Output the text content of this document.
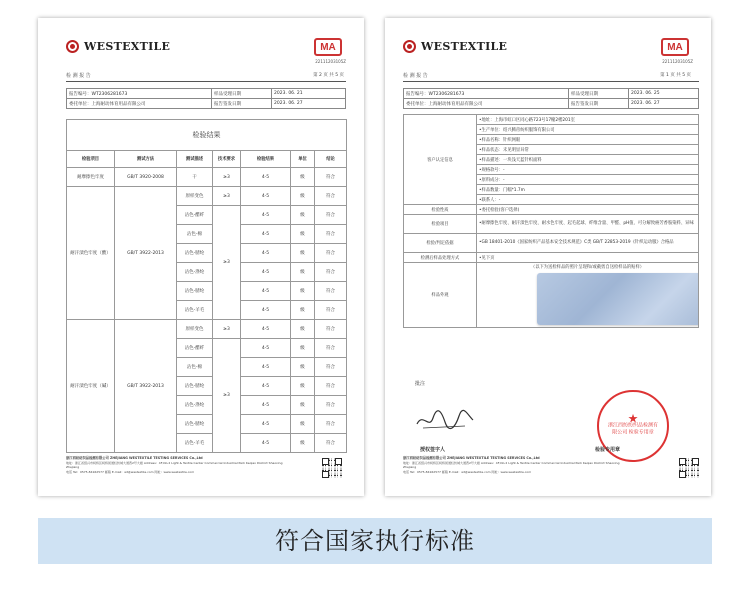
WESTEXTILE	MA
22111203105Z
检 测 报 告	第 2 页 共 5 页
报告编号：WT2306281673	样品受理日期	2023. 06. 21
委托单位：上海耐动体育用品有限公司	报告签发日期	2023. 06. 27
检验结果						
检验项目	测试方法	测试描述	技术要求	检验结果	单位	结论
耐摩擦色牢度	GB/T 3920-2008	干	≥3	4-5	级	符合
耐汗渍色牢度（酸）	GB/T 3922-2013	原样变色	≥3	4-5	级	符合
		沾色-醋纤	≥3	4-5	级	符合
		沾色-棉		4-5	级	符合
		沾色-腈纶		4-5	级	符合
		沾色-涤纶		4-5	级	符合
		沾色-腈纶		4-5	级	符合
		沾色-羊毛		4-5	级	符合
耐汗渍色牢度（碱）	GB/T 3922-2013	原样变色	≥3	4-5	级	符合
		沾色-醋纤	≥3	4-5	级	符合
		沾色-棉		4-5	级	符合
		沾色-腈纶		4-5	级	符合
		沾色-涤纶		4-5	级	符合
		沾色-腈纶		4-5	级	符合
		沾色-羊毛		4-5	级	符合
浙江西纺纺织品检测有限公司 ZHEJIANG WESTEXTILE TESTING SERVICES Co.,Ltd
地址：浙江省绍兴市柯桥区柯桥街道轻纺城大道西2号大楼 Address：4F,No.2 Light & Textile Center Commercial Industrial Park Keqiao District Shaoxing Zhejiang
电话 Tel：0575-84162577 邮箱 E-mail：wt@westextile.com 网址：www.westextile.com
WESTEXTILE	MA
22111203105Z
检 测 报 告	第 1 页 共 5 页
报告编号：WT2306281673	样品受理日期	2023. 06. 25
委托单位：上海耐动体育用品有限公司	报告签发日期	2023. 06. 27
客户认定信息	•地址：上海市虹口区同心路723号17幢2楼201室
	•生产单位：绍兴腾帝纺织服饰有限公司
	•样品名称：针织网眼
	•样品状态：未见明显异常
	•样品描述：一块浅天蓝针织面料
	•规格款号：-
	•原料成分：-
	•样品数量：门幅*1.7m
	•联系人：-
检验性质	•委托检验(客户选择)
检验项目	•耐摩擦色牢度、耐汗渍色牢度、耐水色牢度、起毛起球、纤维含量、甲醛、pH值、可分解致癌芳香胺染料、异味
检验/判定依据	•GB 18401-2010《国家纺织产品基本安全技术规范》C类 GB/T 22853-2019《针织运动服》合格品
检测后样品处理方式	•见下页
样品外观	（以下为送检样品的照片呈现和/或截剪自送检样品的贴样）
批注
授权签字人
★
浙江西纺纺织品检测有限公司 检验专用章
检验专用章
浙江西纺纺织品检测有限公司 ZHEJIANG WESTEXTILE TESTING SERVICES Co.,Ltd
地址：浙江省绍兴市柯桥区柯桥街道轻纺城大道西2号大楼 Address：4F,No.2 Light & Textile Center Commercial Industrial Park Keqiao District Shaoxing Zhejiang
电话 Tel：0575-84162577 邮箱 E-mail：wt@westextile.com 网址：www.westextile.com
符合国家执行标准
